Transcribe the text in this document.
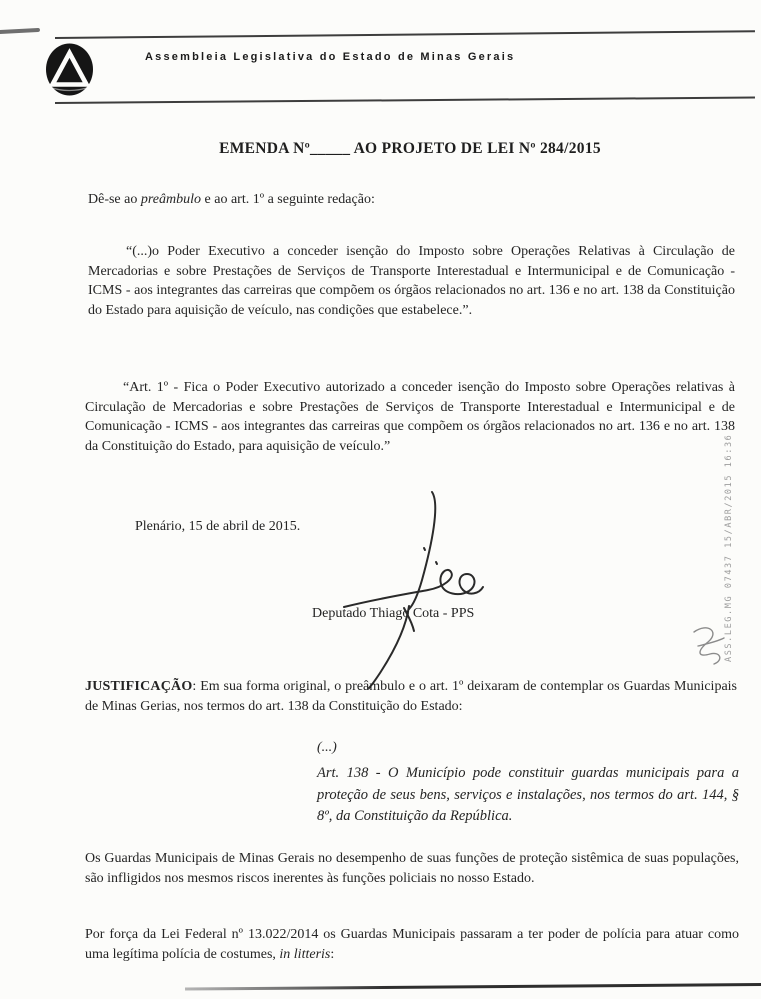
Assembleia Legislativa do Estado de Minas Gerais
EMENDA Nº_____ AO PROJETO DE LEI Nº 284/2015

Dê-se ao preâmbulo e ao art. 1º a seguinte redação:

“(...)o Poder Executivo a conceder isenção do Imposto sobre Operações Relativas à Circulação de Mercadorias e sobre Prestações de Serviços de Transporte Interestadual e Intermunicipal e de Comunicação - ICMS - aos integrantes das carreiras que compõem os órgãos relacionados no art. 136 e no art. 138 da Constituição do Estado para aquisição de veículo, nas condições que estabelece.”.

“Art. 1º - Fica o Poder Executivo autorizado a conceder isenção do Imposto sobre Operações relativas à Circulação de Mercadorias e sobre Prestações de Serviços de Transporte Interestadual e Intermunicipal e de Comunicação - ICMS - aos integrantes das carreiras que compõem os órgãos relacionados no art. 136 e no art. 138 da Constituição do Estado, para aquisição de veículo.”

Plenário, 15 de abril de 2015.

Deputado Thiago Cota - PPS

JUSTIFICAÇÃO: Em sua forma original, o preâmbulo e o art. 1º deixaram de contemplar os Guardas Municipais de Minas Gerias, nos termos do art. 138 da Constituição do Estado:

(...)

Art. 138 - O Município pode constituir guardas municipais para a proteção de seus bens, serviços e instalações, nos termos do art. 144, § 8º, da Constituição da República.

Os Guardas Municipais de Minas Gerais no desempenho de suas funções de proteção sistêmica de suas populações, são infligidos nos mesmos riscos inerentes às funções policiais no nosso Estado.

Por força da Lei Federal nº 13.022/2014 os Guardas Municipais passaram a ter poder de polícia para atuar como uma legítima polícia de costumes, in litteris:

ASS.LEG.MG 07437 15/ABR/2015 16:36
